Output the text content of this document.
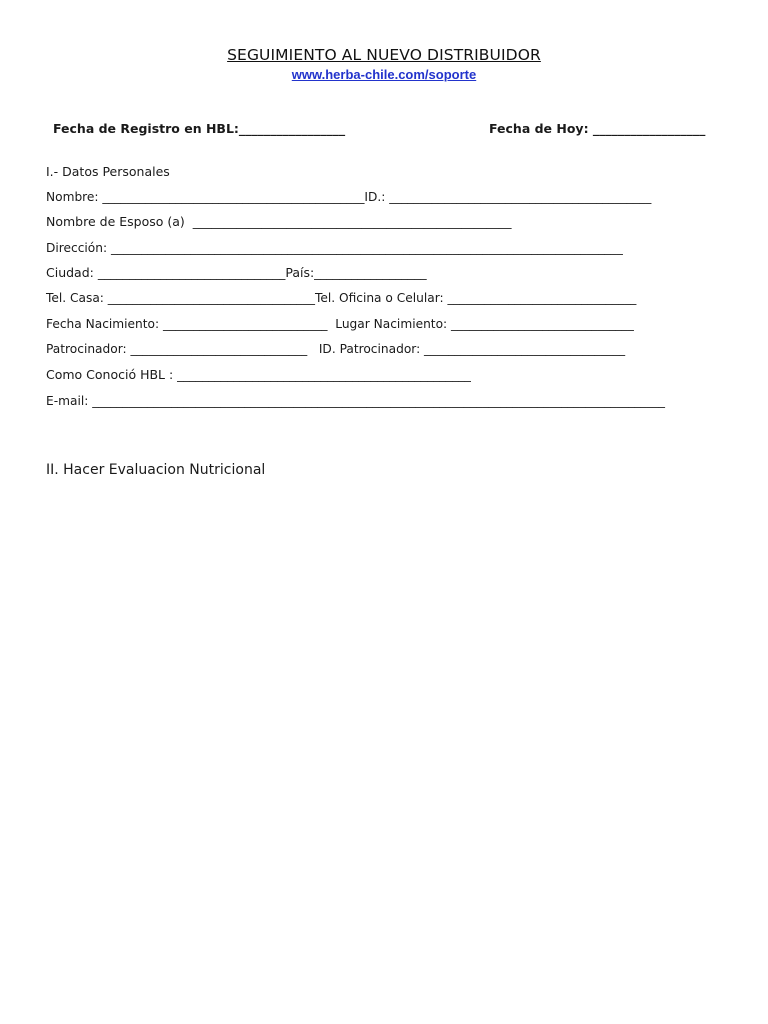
SEGUIMIENTO AL NUEVO DISTRIBUIDOR
www.herba-chile.com/soporte
Fecha de Registro en HBL:_________________	Fecha de Hoy: __________________
I.- Datos Personales
Nombre: ___________________________________________ID.: ___________________________________________
Nombre de Esposo (a)  ___________________________________________________
Dirección: ____________________________________________________________________________________
Ciudad: ______________________________País:__________________
Tel. Casa: __________________________________Tel. Oficina o Celular: _______________________________
Fecha Nacimiento: ___________________________  Lugar Nacimiento: ______________________________
Patrocinador: _____________________________   ID. Patrocinador: _________________________________
Como Conoció HBL : _______________________________________________
E-mail: ______________________________________________________________________________________________
II. Hacer Evaluacion Nutricional
